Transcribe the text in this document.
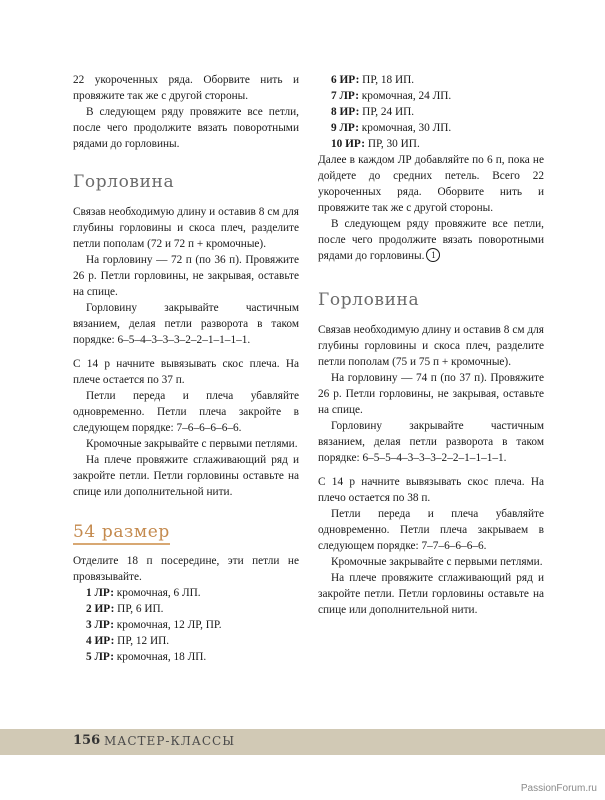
22 укороченных ряда. Оборвите нить и провяжите так же с другой стороны.

В следующем ряду провяжите все петли, после чего продолжите вязать поворотными рядами до горловины.

Горловина

Связав необходимую длину и оставив 8 см для глубины горловины и скоса плеч, разделите петли пополам (72 и 72 п + кромочные).

На горловину — 72 п (по 36 п). Провяжите 26 р. Петли горловины, не закрывая, оставьте на спице.

Горловину закрывайте частичным вязанием, делая петли разворота в таком порядке: 6–5–4–3–3–3–2–2–1–1–1–1.

С 14 р начните вывязывать скос плеча. На плече остается по 37 п.

Петли переда и плеча убавляйте одновременно. Петли плеча закройте в следующем порядке: 7–6–6–6–6–6.

Кромочные закрывайте с первыми петлями.

На плече провяжите сглаживающий ряд и закройте петли. Петли горловины оставьте на спице или дополнительной нити.

54 размер

Отделите 18 п посередине, эти петли не провязывайте.

1 ЛР: кромочная, 6 ЛП.

2 ИР: ПР, 6 ИП.

3 ЛР: кромочная, 12 ЛР, ПР.

4 ИР: ПР, 12 ИП.

5 ЛР: кромочная, 18 ЛП.

6 ИР: ПР, 18 ИП.

7 ЛР: кромочная, 24 ЛП.

8 ИР: ПР, 24 ИП.

9 ЛР: кромочная, 30 ЛП.

10 ИР: ПР, 30 ИП.

Далее в каждом ЛР добавляйте по 6 п, пока не дойдете до средних петель. Всего 22 укороченных ряда. Оборвите нить и провяжите так же с другой стороны.

В следующем ряду провяжите все петли, после чего продолжите вязать поворотными рядами до горловины. 1

Горловина

Связав необходимую длину и оставив 8 см для глубины горловины и скоса плеч, разделите петли пополам (75 и 75 п + кромочные).

На горловину — 74 п (по 37 п). Провяжите 26 р. Петли горловины, не закрывая, оставьте на спице.

Горловину закрывайте частичным вязанием, делая петли разворота в таком порядке: 6–5–5–4–3–3–3–2–2–1–1–1–1.

С 14 р начните вывязывать скос плеча. На плечо остается по 38 п.

Петли переда и плеча убавляйте одновременно. Петли плеча закрываем в следующем порядке: 7–7–6–6–6–6.

Кромочные закрывайте с первыми петлями.

На плече провяжите сглаживающий ряд и закройте петли. Петли горловины оставьте на спице или дополнительной нити.

156 МАСТЕР-КЛАССЫ
PassionForum.ru
